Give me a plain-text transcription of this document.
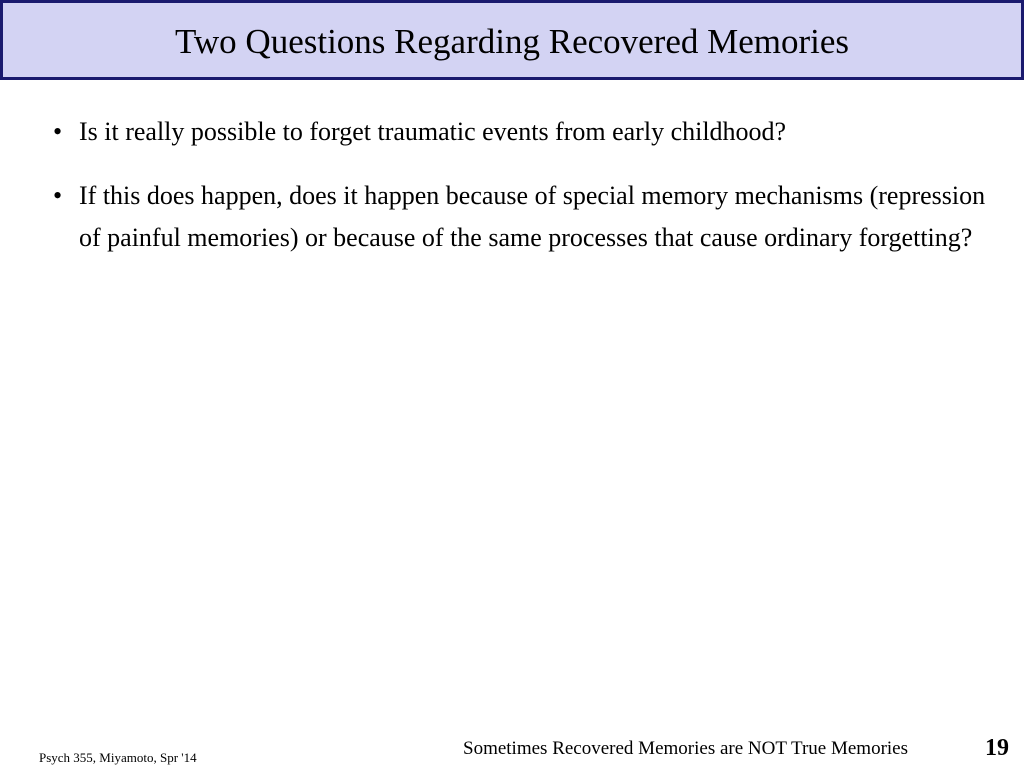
Two Questions Regarding Recovered Memories
• Is it really possible to forget traumatic events from early childhood?
• If this does happen, does it happen because of special memory mechanisms (repression of painful memories) or because of the same processes that cause ordinary forgetting?
Psych 355, Miyamoto, Spr '14	Sometimes Recovered Memories are NOT True Memories	19
